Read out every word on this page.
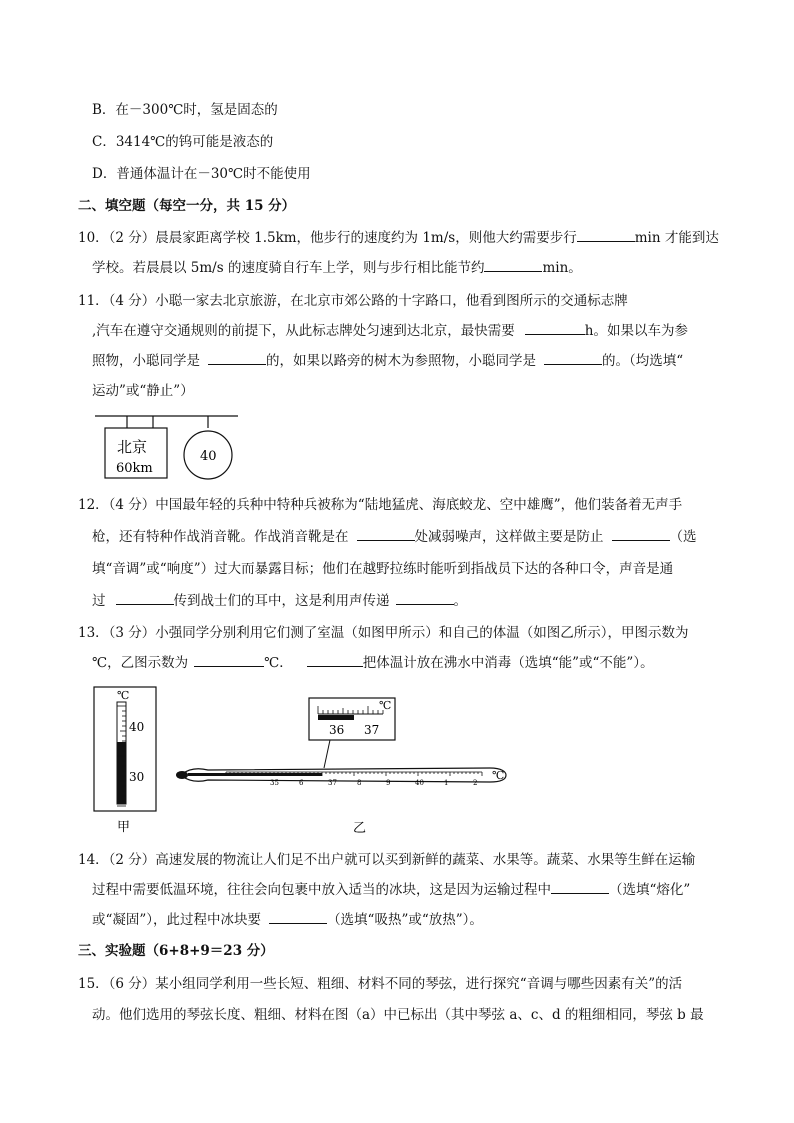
B．在－300℃时，氢是固态的
C．3414℃的钨可能是液态的
D．普通体温计在－30℃时不能使用
二、填空题（每空一分，共 15 分）
10．（2 分）晨晨家距离学校 1.5km，他步行的速度约为 1m/s，则他大约需要步行	min 才能到达
学校。若晨晨以 5m/s 的速度骑自行车上学，则与步行相比能节约	min。
11．（4 分）小聪一家去北京旅游，在北京市郊公路的十字路口，他看到图所示的交通标志牌
,汽车在遵守交通规则的前提下，从此标志牌处匀速到达北京，最快需要	h。如果以车为参
照物，小聪同学是	的，如果以路旁的树木为参照物，小聪同学是	的。（均选填“
运动”或“静止”）
北京
60km
40
12．（4 分）中国最年轻的兵种中特种兵被称为“陆地猛虎、海底蛟龙、空中雄鹰”，他们装备着无声手
枪，还有特种作战消音靴。作战消音靴是在	处减弱噪声，这样做主要是防止	（选
填“音调”或“响度”）过大而暴露目标；他们在越野拉练时能听到指战员下达的各种口令，声音是通
过	传到战士们的耳中，这是利用声传递	。
13．（3 分）小强同学分别利用它们测了室温（如图甲所示）和自己的体温（如图乙所示），甲图示数为
℃，乙图示数为	℃．	把体温计放在沸水中消毒（选填“能”或“不能”）。
℃
40
30
甲
℃
36 37
35	6	37	8	9	40	1	2
℃
乙
14．（2 分）高速发展的物流让人们足不出户就可以买到新鲜的蔬菜、水果等。蔬菜、水果等生鲜在运输
过程中需要低温环境，往往会向包裹中放入适当的冰块，这是因为运输过程中	（选填“熔化”
或“凝固”），此过程中冰块要	（选填“吸热”或“放热”）。
三、实验题（6+8+9＝23 分）
15．（6 分）某小组同学利用一些长短、粗细、材料不同的琴弦，进行探究“音调与哪些因素有关”的活
动。他们选用的琴弦长度、粗细、材料在图（a）中已标出（其中琴弦 a、c、d 的粗细相同，琴弦 b 最
